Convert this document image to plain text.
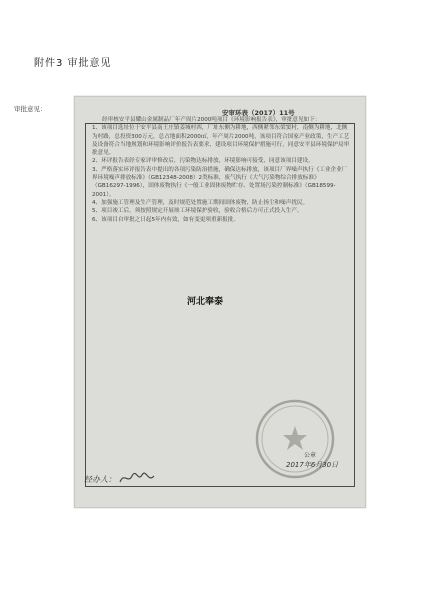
附件3 审批意见
审批意见：	安审环表（2017）11号
经审核安平县耀山金属制品厂年产周片2000吨项目《环境影响报告表》，审批意见如下：
1、该项目选址位于安平县南王庄镇姜城村西，厂址东侧为耕地，西侧紧邻东梁窦村，南侧为耕地，北侧为村路，总投资300万元，总占地面积2000㎡，年产周片2000吨，该项目符合国家产业政策，生产工艺及设备符合当地规划和环境影响评价报告表要求，建设项目环境保护措施可行，同意安平县环境保护局审批意见。
2、环评报告表经专家评审修改后，污染物达标排放，环境影响可接受，同意该项目建设。
3、严格落实环评报告表中提出的各项污染防治措施，确保达标排放，该项目厂界噪声执行《工业企业厂界环境噪声排放标准》（GB12348-2008）2类标准，废气执行《大气污染物综合排放标准》（GB16297-1996），固体废物执行《一般工业固体废物贮存、处置场污染控制标准》（GB18599-2001）。
4、加强施工管理及生产管理，及时规范处置施工期间固体废物，防止扬尘和噪声扰民。
5、项目竣工后，须按照规定开展竣工环境保护验收，验收合格后方可正式投入生产。
6、该项目自审批之日起5年内有效，如有变更须重新报批。
河北奉泰
公章
2017年6月30日
经办人：
